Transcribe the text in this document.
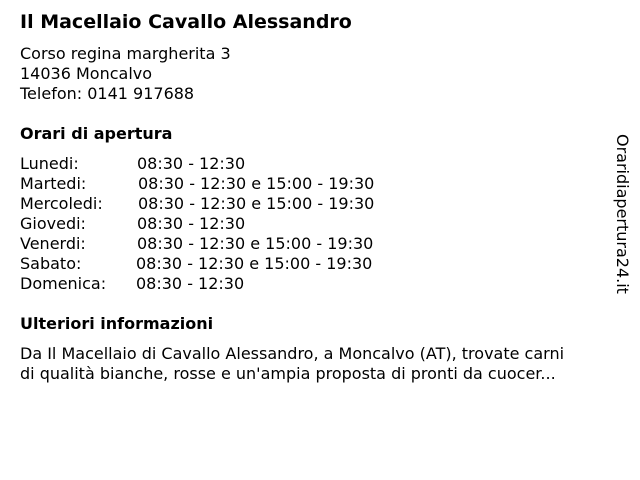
Il Macellaio Cavallo Alessandro
Corso regina margherita 3
14036 Moncalvo
Telefon: 0141 917688
Orari di apertura
Lunedi:	08:30 - 12:30
Martedi:	08:30 - 12:30 e 15:00 - 19:30
Mercoledi: 08:30 - 12:30 e 15:00 - 19:30
Giovedi:	08:30 - 12:30
Venerdi:	08:30 - 12:30 e 15:00 - 19:30
Sabato:	08:30 - 12:30 e 15:00 - 19:30
Domenica: 08:30 - 12:30
Ulteriori informazioni
Da Il Macellaio di Cavallo Alessandro, a Moncalvo (AT), trovate carni
di qualità bianche, rosse e un'ampia proposta di pronti da cuocer...
Oraridiapertura24.it
